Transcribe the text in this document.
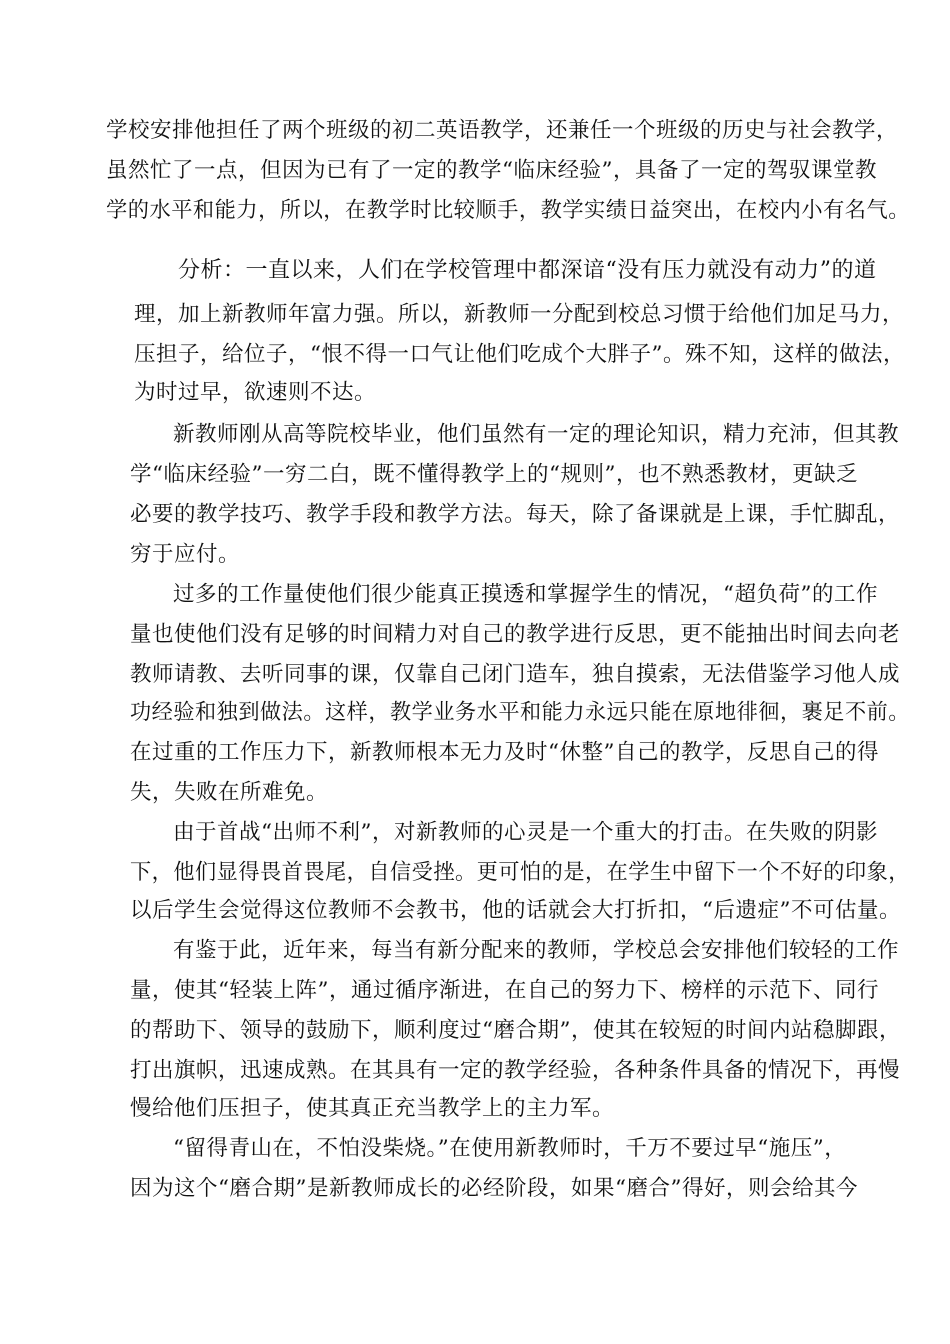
学校安排他担任了两个班级的初二英语教学，还兼任一个班级的历史与社会教学，
虽然忙了一点，但因为已有了一定的教学“临床经验”，具备了一定的驾驭课堂教
学的水平和能力，所以，在教学时比较顺手，教学实绩日益突出，在校内小有名气。
分析：一直以来，人们在学校管理中都深谙“没有压力就没有动力”的道
理，加上新教师年富力强。所以，新教师一分配到校总习惯于给他们加足马力，
压担子，给位子，“恨不得一口气让他们吃成个大胖子”。殊不知，这样的做法，
为时过早，欲速则不达。
新教师刚从高等院校毕业，他们虽然有一定的理论知识，精力充沛，但其教
学“临床经验”一穷二白，既不懂得教学上的“规则”，也不熟悉教材，更缺乏
必要的教学技巧、教学手段和教学方法。每天，除了备课就是上课，手忙脚乱，
穷于应付。
过多的工作量使他们很少能真正摸透和掌握学生的情况，“超负荷”的工作
量也使他们没有足够的时间精力对自己的教学进行反思，更不能抽出时间去向老
教师请教、去听同事的课，仅靠自己闭门造车，独自摸索，无法借鉴学习他人成
功经验和独到做法。这样，教学业务水平和能力永远只能在原地徘徊，裹足不前。
在过重的工作压力下，新教师根本无力及时“休整”自己的教学，反思自己的得
失，失败在所难免。
由于首战“出师不利”，对新教师的心灵是一个重大的打击。在失败的阴影
下，他们显得畏首畏尾，自信受挫。更可怕的是，在学生中留下一个不好的印象，
以后学生会觉得这位教师不会教书，他的话就会大打折扣，“后遗症”不可估量。
有鉴于此，近年来，每当有新分配来的教师，学校总会安排他们较轻的工作
量，使其“轻装上阵”，通过循序渐进，在自己的努力下、榜样的示范下、同行
的帮助下、领导的鼓励下，顺利度过“磨合期”，使其在较短的时间内站稳脚跟，
打出旗帜，迅速成熟。在其具有一定的教学经验，各种条件具备的情况下，再慢
慢给他们压担子，使其真正充当教学上的主力军。
“留得青山在，不怕没柴烧。”在使用新教师时，千万不要过早“施压”，
因为这个“磨合期”是新教师成长的必经阶段，如果“磨合”得好，则会给其今
